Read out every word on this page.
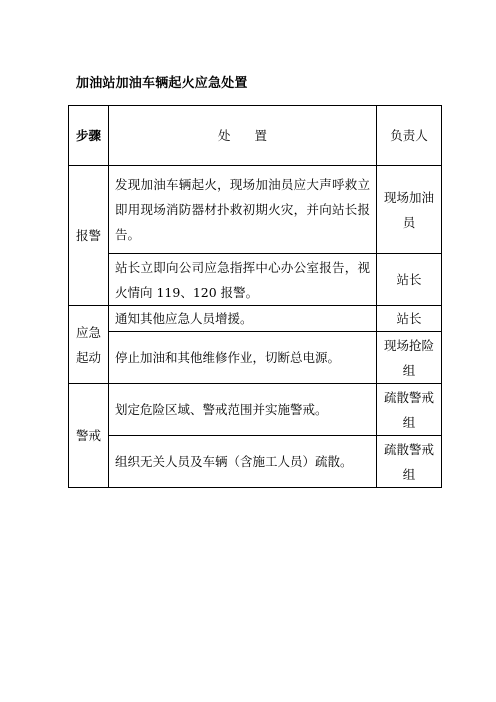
加油站加油车辆起火应急处置
步骤	处 置	负责人
报警	发现加油车辆起火，现场加油员应大声呼救立即用现场消防器材扑救初期火灾，并向站长报告。	现场加油员
	站长立即向公司应急指挥中心办公室报告，视火情向 119、120 报警。	站长
应急起动	通知其他应急人员增援。	站长
	停止加油和其他维修作业，切断总电源。	现场抢险组
警戒	划定危险区域、警戒范围并实施警戒。	疏散警戒组
	组织无关人员及车辆（含施工人员）疏散。	疏散警戒组
